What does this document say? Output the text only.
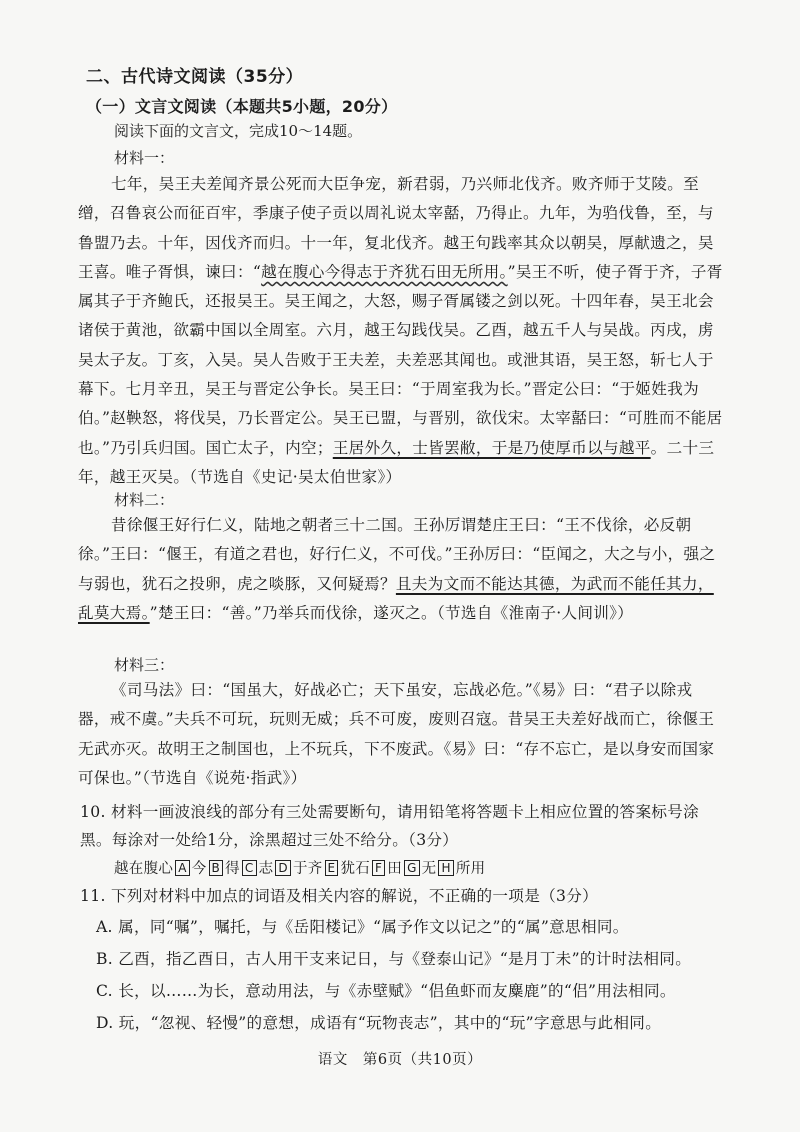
二、古代诗文阅读（35分）
（一）文言文阅读（本题共5小题，20分）
阅读下面的文言文，完成10～14题。
材料一：

七年，吴王夫差闻齐景公死而大臣争宠，新君弱，乃兴师北伐齐。败齐师于艾陵。至缯，召鲁哀公而征百牢，季康子使子贡以周礼说太宰嚭，乃得止。九年，为驺伐鲁，至，与鲁盟乃去。十年，因伐齐而归。十一年，复北伐齐。越王句践率其众以朝吴，厚献遗之，吴王喜。唯子胥惧，谏曰：“越在腹心今得志于齐犹石田无所用。”吴王不听，使子胥于齐，子胥属其子于齐鲍氏，还报吴王。吴王闻之，大怒，赐子胥属镂之剑以死。十四年春，吴王北会诸侯于黄池，欲霸中国以全周室。六月，越王勾践伐吴。乙酉，越五千人与吴战。丙戌，虏吴太子友。丁亥，入吴。吴人告败于王夫差，夫差恶其闻也。或泄其语，吴王怒，斩七人于幕下。七月辛丑，吴王与晋定公争长。吴王曰：“于周室我为长。”晋定公曰：“于姬姓我为伯。”赵鞅怒，将伐吴，乃长晋定公。吴王已盟，与晋别，欲伐宋。太宰嚭曰：“可胜而不能居也。”乃引兵归国。国亡太子，内空；王居外久，士皆罢敝，于是乃使厚币以与越平。二十三年，越王灭吴。（节选自《史记·吴太伯世家》）

材料二：

昔徐偃王好行仁义，陆地之朝者三十二国。王孙厉谓楚庄王曰：“王不伐徐，必反朝徐。”王曰：“偃王，有道之君也，好行仁义，不可伐。”王孙厉曰：“臣闻之，大之与小，强之与弱也，犹石之投卵，虎之啖豚，又何疑焉？且夫为文而不能达其德，为武而不能任其力，乱莫大焉。”楚王曰：“善。”乃举兵而伐徐，遂灭之。（节选自《淮南子·人间训》）

材料三：

《司马法》曰：“国虽大，好战必亡；天下虽安，忘战必危。”《易》曰：“君子以除戎器，戒不虞。”夫兵不可玩，玩则无威；兵不可废，废则召寇。昔吴王夫差好战而亡，徐偃王无武亦灭。故明王之制国也，上不玩兵，下不废武。《易》曰：“存不忘亡，是以身安而国家可保也。”（节选自《说苑·指武》）

10. 材料一画波浪线的部分有三处需要断句，请用铅笔将答题卡上相应位置的答案标号涂黑。每涂对一处给1分，涂黑超过三处不给分。（3分）

越在腹心 A 今 B 得 C 志 D 于齐 E 犹石 F 田 G 无 H 所用

11. 下列对材料中加点的词语及相关内容的解说，不正确的一项是（3分）

A. 属，同“嘱”，嘱托，与《岳阳楼记》“属予作文以记之”的“属”意思相同。

B. 乙酉，指乙酉日，古人用干支来记日，与《登泰山记》“是月丁未”的计时法相同。

C. 长，以……为长，意动用法，与《赤壁赋》“侣鱼虾而友麋鹿”的“侣”用法相同。

D. 玩，“忽视、轻慢”的意想，成语有“玩物丧志”，其中的“玩”字意思与此相同。

语文　第6页（共10页）
